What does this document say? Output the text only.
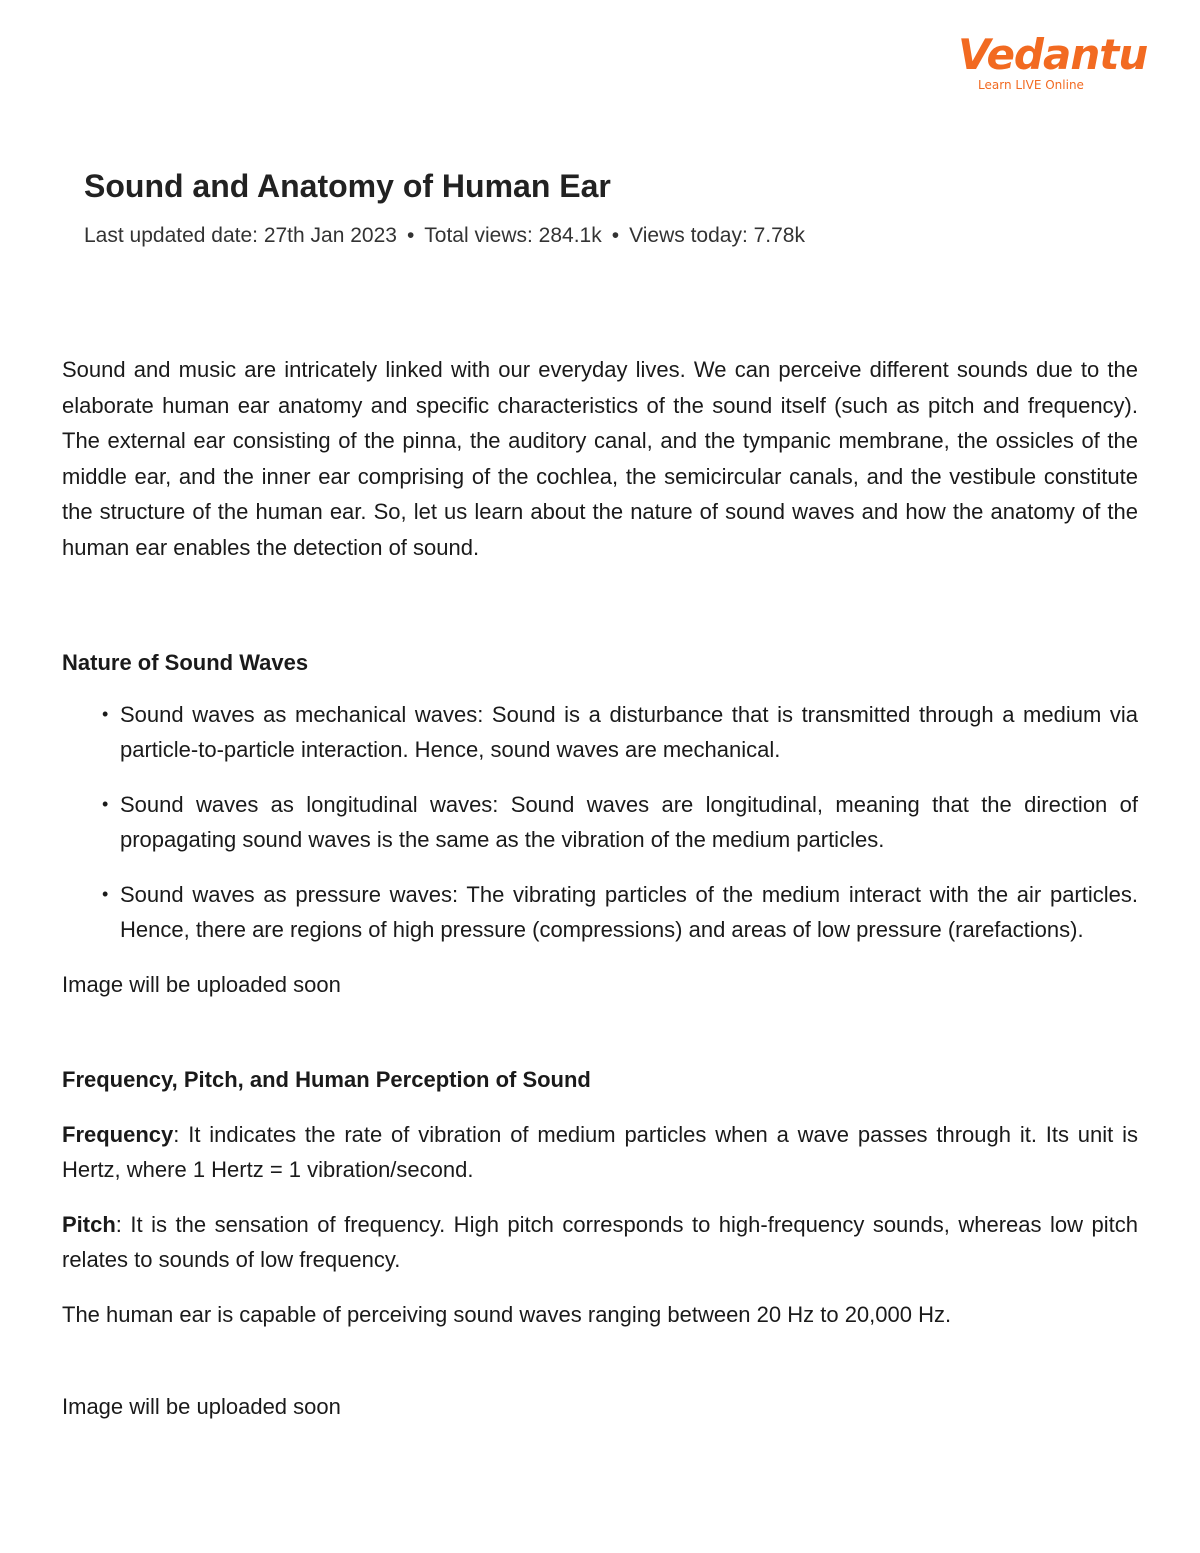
Vedantu
Learn LIVE Online
Sound and Anatomy of Human Ear
Last updated date: 27th Jan 2023 • Total views: 284.1k • Views today: 7.78k

Sound and music are intricately linked with our everyday lives. We can perceive different sounds due to the elaborate human ear anatomy and specific characteristics of the sound itself (such as pitch and frequency). The external ear consisting of the pinna, the auditory canal, and the tympanic membrane, the ossicles of the middle ear, and the inner ear comprising of the cochlea, the semicircular canals, and the vestibule constitute the structure of the human ear. So, let us learn about the nature of sound waves and how the anatomy of the human ear enables the detection of sound.

Nature of Sound Waves
• Sound waves as mechanical waves: Sound is a disturbance that is transmitted through a medium via particle-to-particle interaction. Hence, sound waves are mechanical.
• Sound waves as longitudinal waves: Sound waves are longitudinal, meaning that the direction of propagating sound waves is the same as the vibration of the medium particles.
• Sound waves as pressure waves: The vibrating particles of the medium interact with the air particles. Hence, there are regions of high pressure (compressions) and areas of low pressure (rarefactions).

Image will be uploaded soon

Frequency, Pitch, and Human Perception of Sound

Frequency: It indicates the rate of vibration of medium particles when a wave passes through it. Its unit is Hertz, where 1 Hertz = 1 vibration/second.

Pitch: It is the sensation of frequency. High pitch corresponds to high-frequency sounds, whereas low pitch relates to sounds of low frequency.

The human ear is capable of perceiving sound waves ranging between 20 Hz to 20,000 Hz.

Image will be uploaded soon
